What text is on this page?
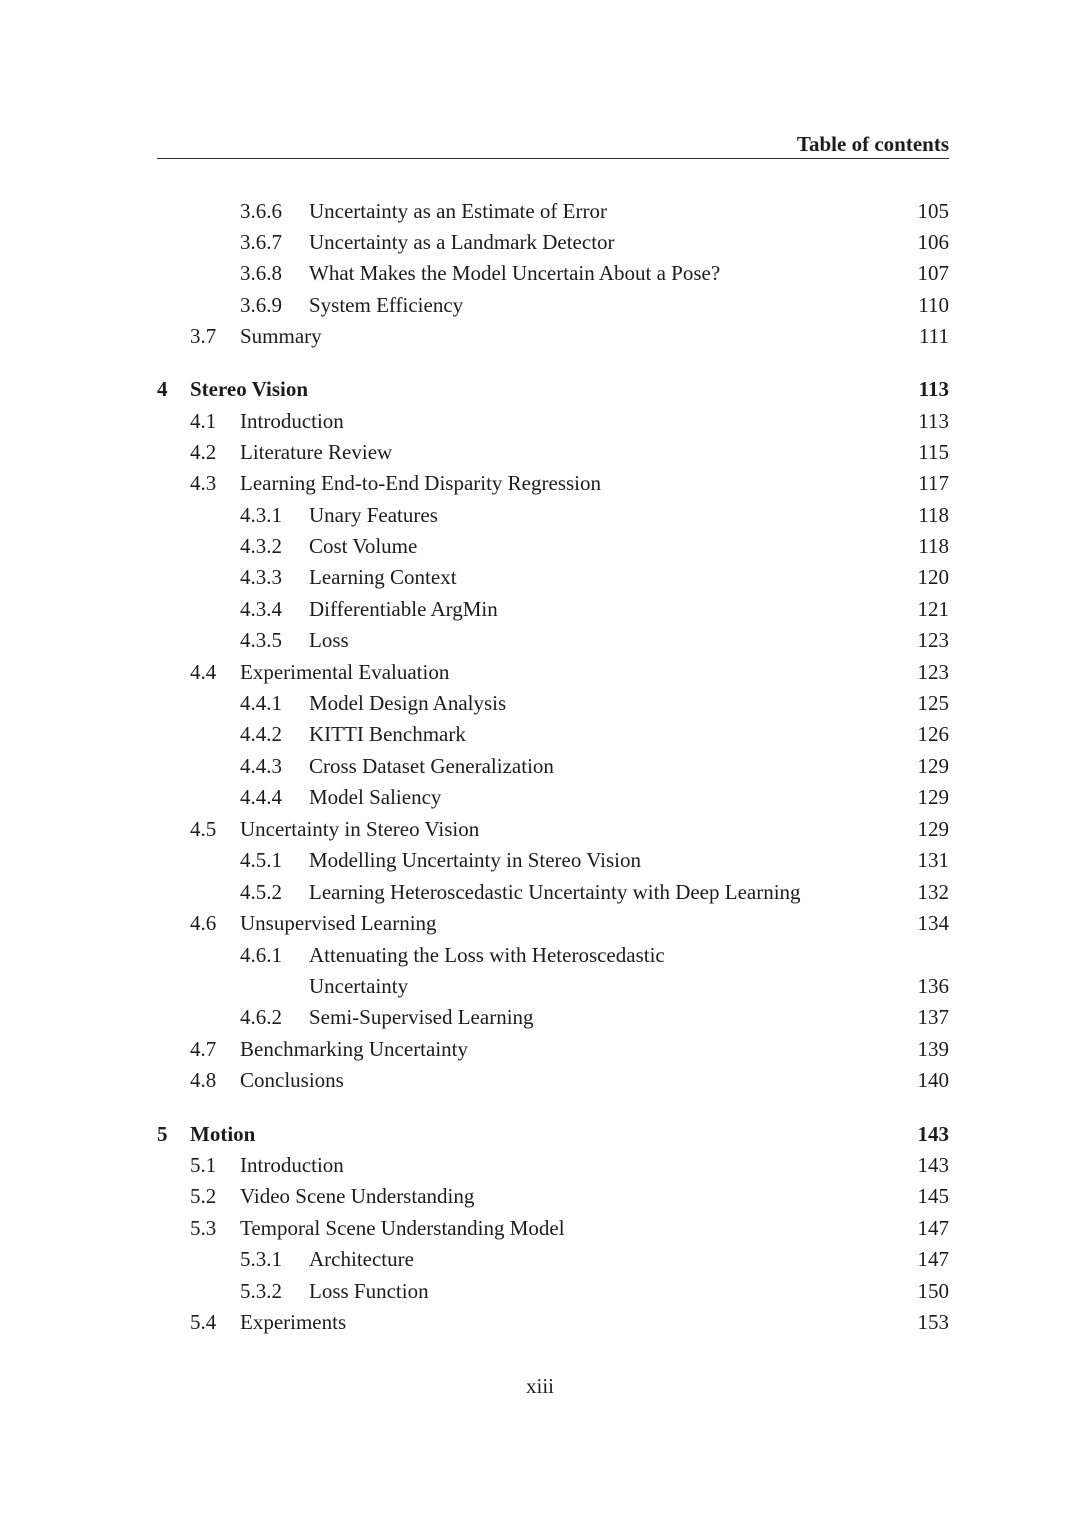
Table of contents
3.6.6 Uncertainty as an Estimate of Error	105
3.6.7 Uncertainty as a Landmark Detector	106
3.6.8 What Makes the Model Uncertain About a Pose?	107
3.6.9 System Efficiency	110
3.7 Summary	111
4 Stereo Vision	113
4.1 Introduction	113
4.2 Literature Review	115
4.3 Learning End-to-End Disparity Regression	117
4.3.1 Unary Features	118
4.3.2 Cost Volume	118
4.3.3 Learning Context	120
4.3.4 Differentiable ArgMin	121
4.3.5 Loss	123
4.4 Experimental Evaluation	123
4.4.1 Model Design Analysis	125
4.4.2 KITTI Benchmark	126
4.4.3 Cross Dataset Generalization	129
4.4.4 Model Saliency	129
4.5 Uncertainty in Stereo Vision	129
4.5.1 Modelling Uncertainty in Stereo Vision	131
4.5.2 Learning Heteroscedastic Uncertainty with Deep Learning	132
4.6 Unsupervised Learning	134
4.6.1 Attenuating the Loss with Heteroscedastic
Uncertainty	136
4.6.2 Semi-Supervised Learning	137
4.7 Benchmarking Uncertainty	139
4.8 Conclusions	140
5 Motion	143
5.1 Introduction	143
5.2 Video Scene Understanding	145
5.3 Temporal Scene Understanding Model	147
5.3.1 Architecture	147
5.3.2 Loss Function	150
5.4 Experiments	153
xiii
